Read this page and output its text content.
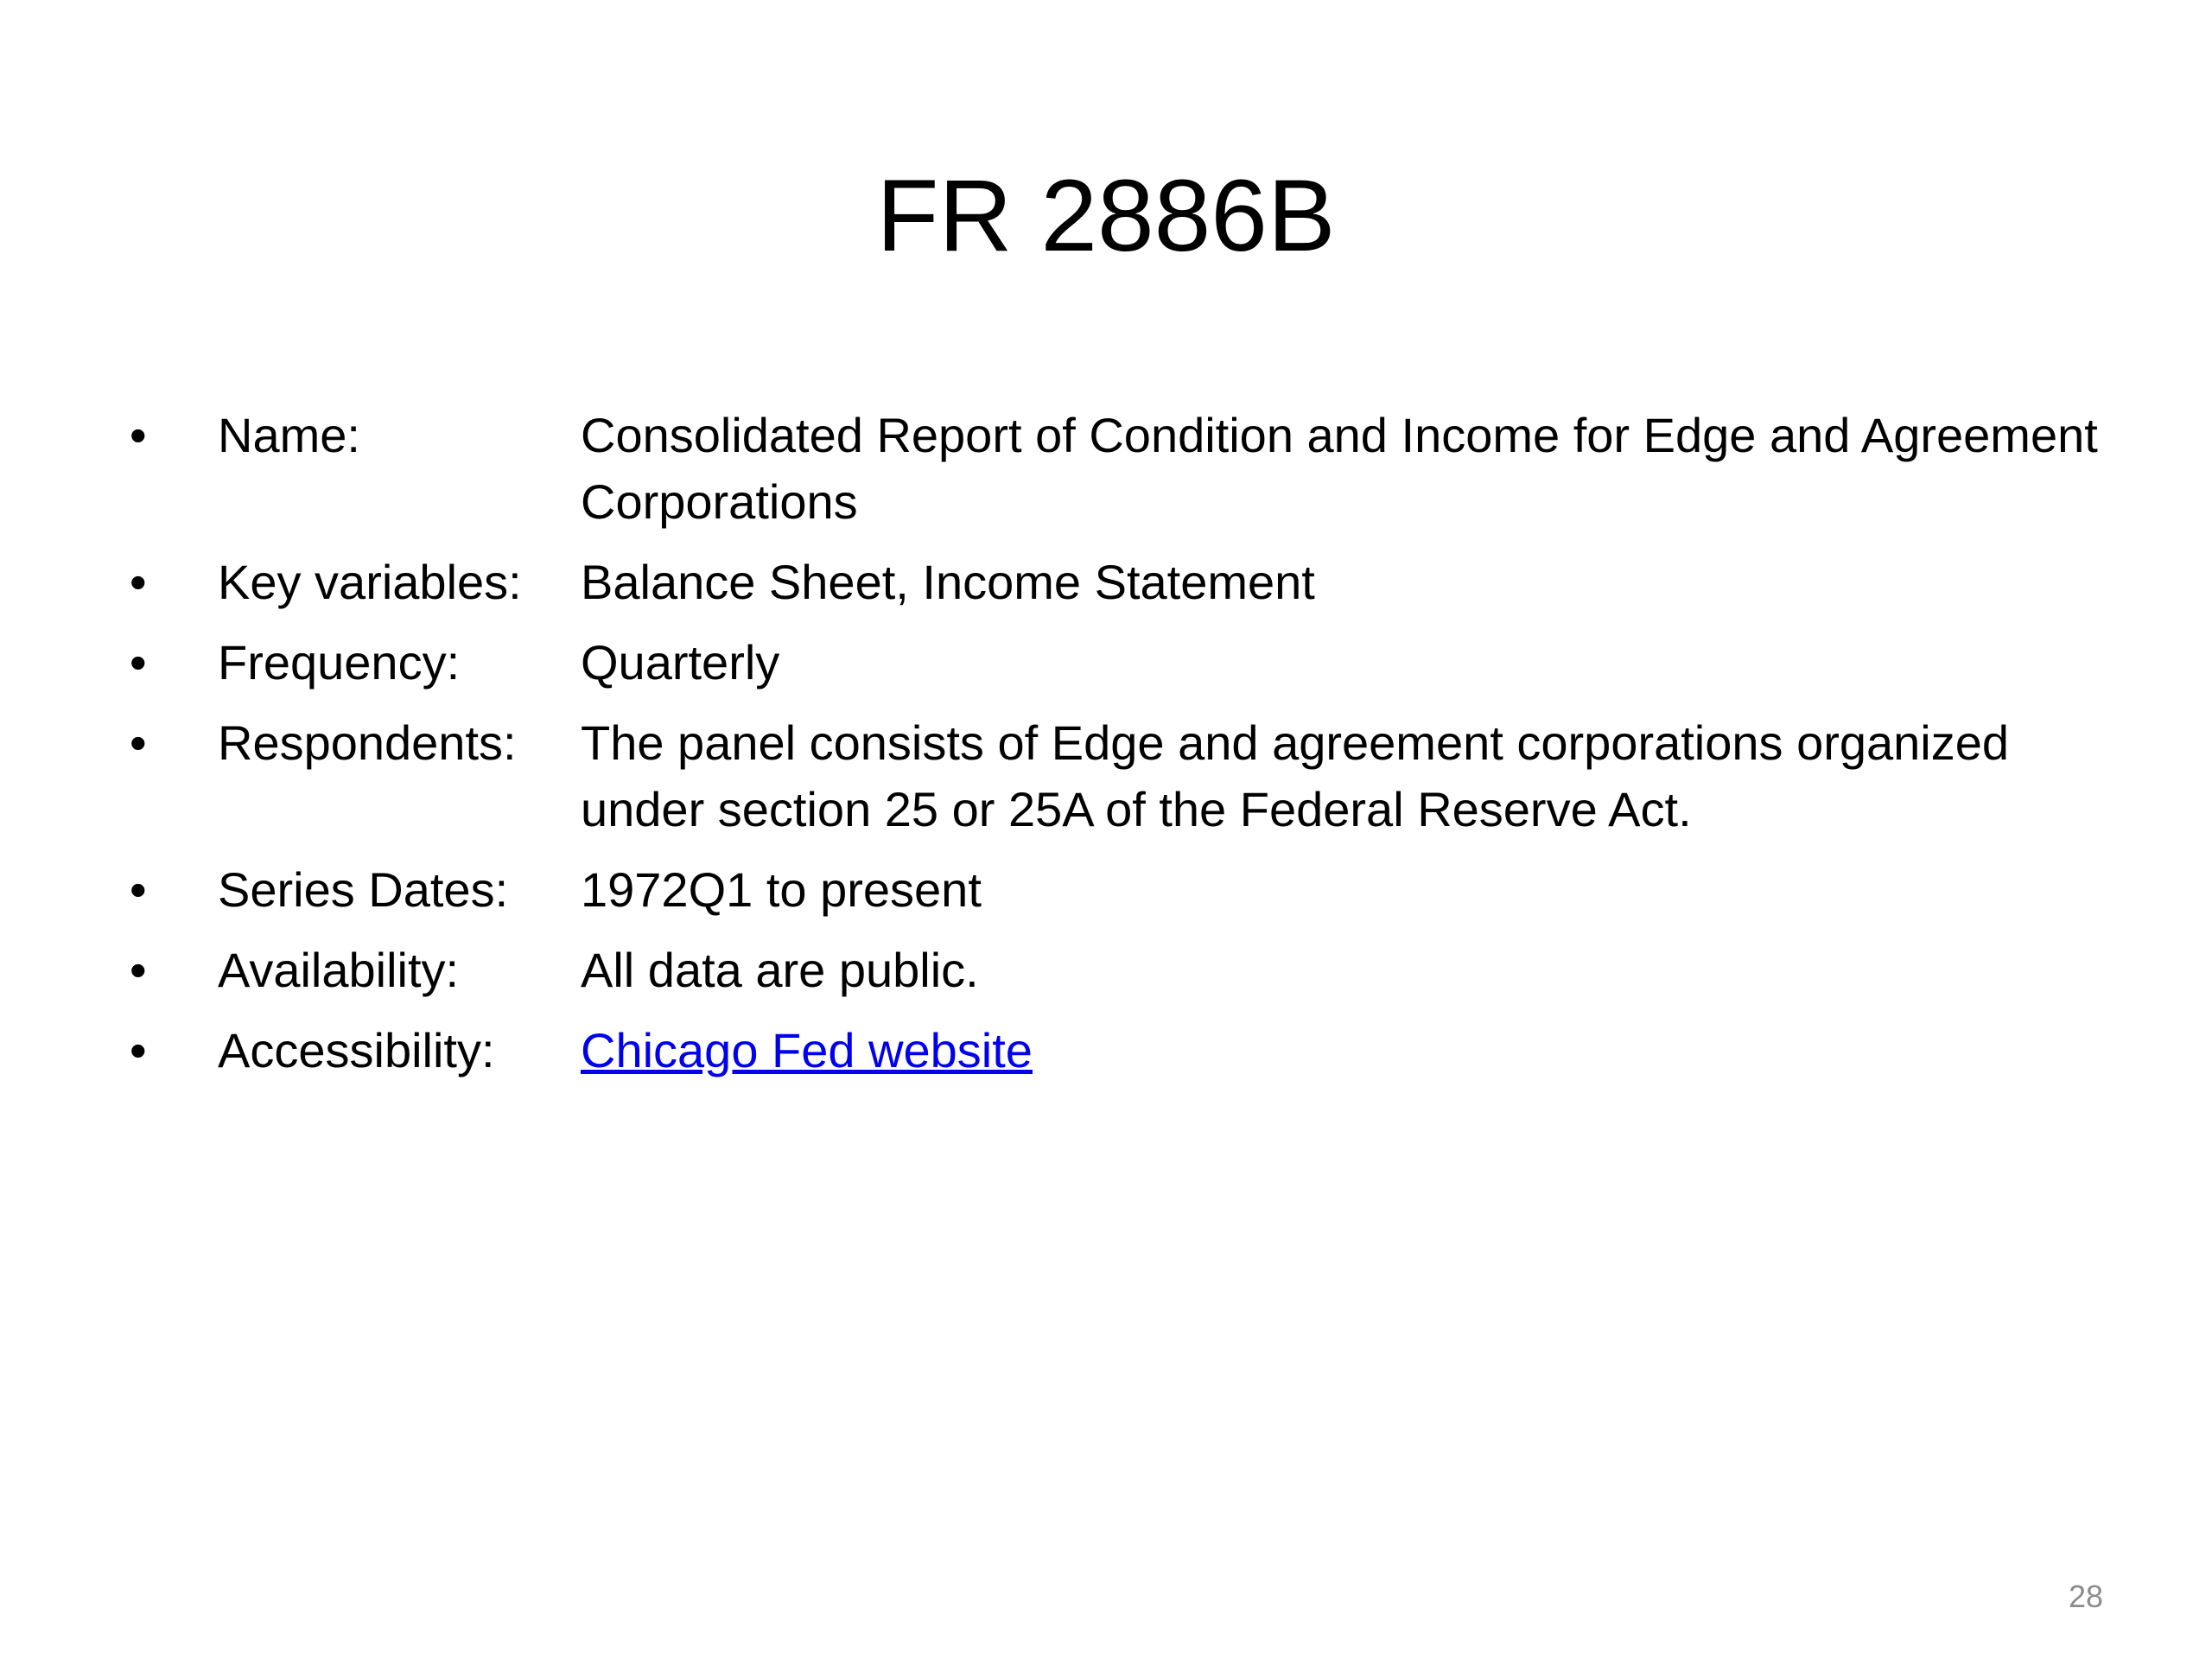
FR 2886B
• Name:	Consolidated Report of Condition and Income for Edge and Agreement Corporations
• Key variables:	Balance Sheet, Income Statement
• Frequency:	Quarterly
• Respondents:	The panel consists of Edge and agreement corporations organized under section 25 or 25A of the Federal Reserve Act.
• Series Dates:	1972Q1 to present
• Availability:	All data are public.
• Accessibility:	Chicago Fed website
28
